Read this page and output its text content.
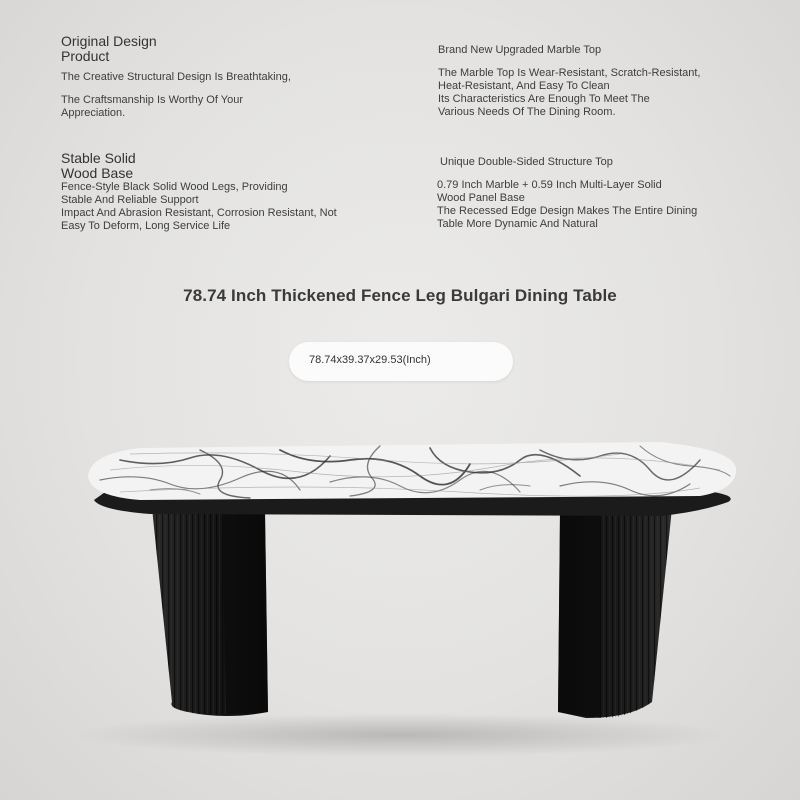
Original Design

Product

The Creative Structural Design Is Breathtaking,

The Craftsmanship Is Worthy Of Your

Appreciation.

Brand New Upgraded Marble Top

The Marble Top Is Wear-Resistant, Scratch-Resistant,

Heat-Resistant, And Easy To Clean

Its Characteristics Are Enough To Meet The

Various Needs Of The Dining Room.

Stable Solid

Wood Base

Fence-Style Black Solid Wood Legs, Providing

Stable And Reliable Support

Impact And Abrasion Resistant, Corrosion Resistant, Not

Easy To Deform, Long Service Life

Unique Double-Sided Structure Top

0.79 Inch Marble + 0.59 Inch Multi-Layer Solid

Wood Panel Base

The Recessed Edge Design Makes The Entire Dining

Table More Dynamic And Natural

78.74 Inch Thickened Fence Leg Bulgari Dining Table
78.74x39.37x29.53(Inch)
